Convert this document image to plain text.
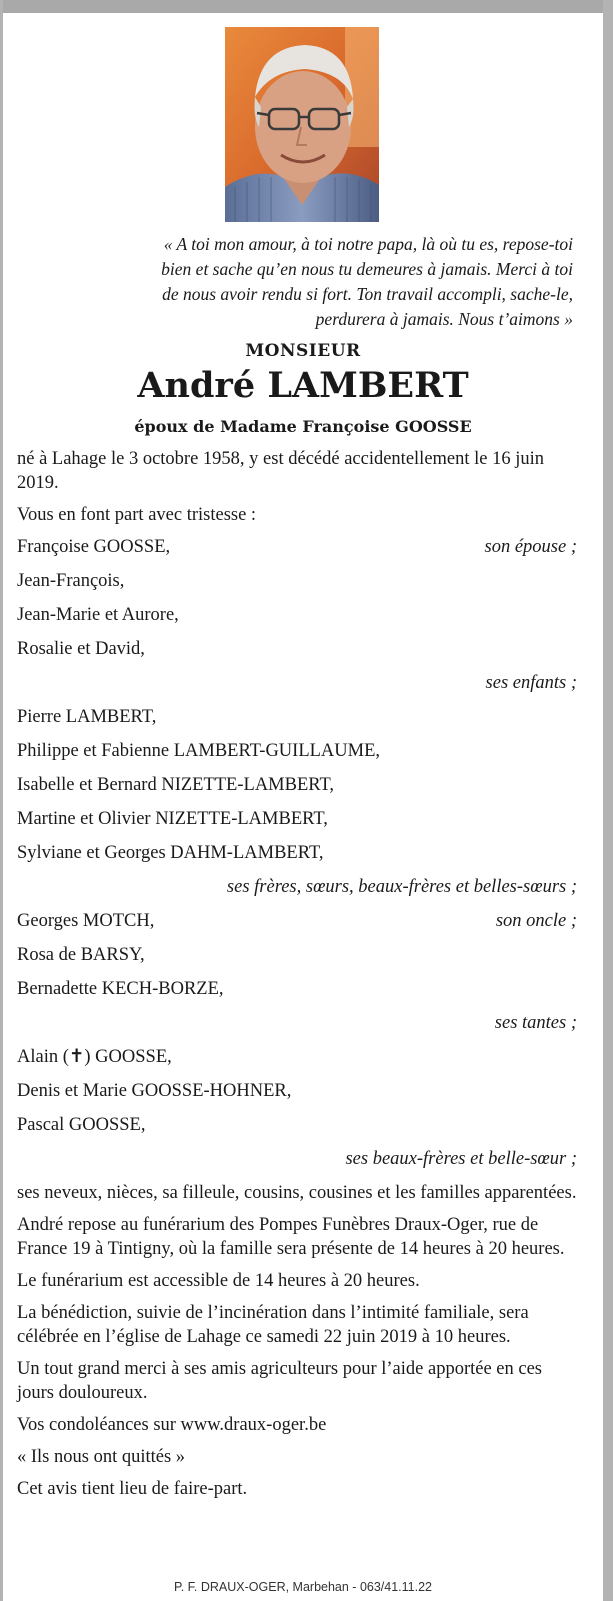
« A toi mon amour, à toi notre papa, là où tu es, repose-toi
bien et sache qu’en nous tu demeures à jamais. Merci à toi
de nous avoir rendu si fort. Ton travail accompli, sache-le,
perdurera à jamais. Nous t’aimons »
MONSIEUR
André LAMBERT
époux de Madame Françoise GOOSSE

né à Lahage le 3 octobre 1958, y est décédé accidentellement le 16 juin 2019.

Vous en font part avec tristesse :

Françoise GOOSSE,	son épouse ;
Jean-François,
Jean-Marie et Aurore,
Rosalie et David,
ses enfants ;
Pierre LAMBERT,
Philippe et Fabienne LAMBERT-GUILLAUME,
Isabelle et Bernard NIZETTE-LAMBERT,
Martine et Olivier NIZETTE-LAMBERT,
Sylviane et Georges DAHM-LAMBERT,
ses frères, sœurs, beaux-frères et belles-sœurs ;
Georges MOTCH,	son oncle ;
Rosa de BARSY,
Bernadette KECH-BORZE,
ses tantes ;
Alain (✝) GOOSSE,
Denis et Marie GOOSSE-HOHNER,
Pascal GOOSSE,
ses beaux-frères et belle-sœur ;

ses neveux, nièces, sa filleule, cousins, cousines et les familles apparentées.

André repose au funérarium des Pompes Funèbres Draux-Oger, rue de France 19 à Tintigny, où la famille sera présente de 14 heures à 20 heures.

Le funérarium est accessible de 14 heures à 20 heures.

La bénédiction, suivie de l’incinération dans l’intimité familiale, sera célébrée en l’église de Lahage ce samedi 22 juin 2019 à 10 heures.

Un tout grand merci à ses amis agriculteurs pour l’aide apportée en ces jours douloureux.

Vos condoléances sur www.draux-oger.be

« Ils nous ont quittés »

Cet avis tient lieu de faire-part.

P. F. DRAUX-OGER, Marbehan - 063/41.11.22
